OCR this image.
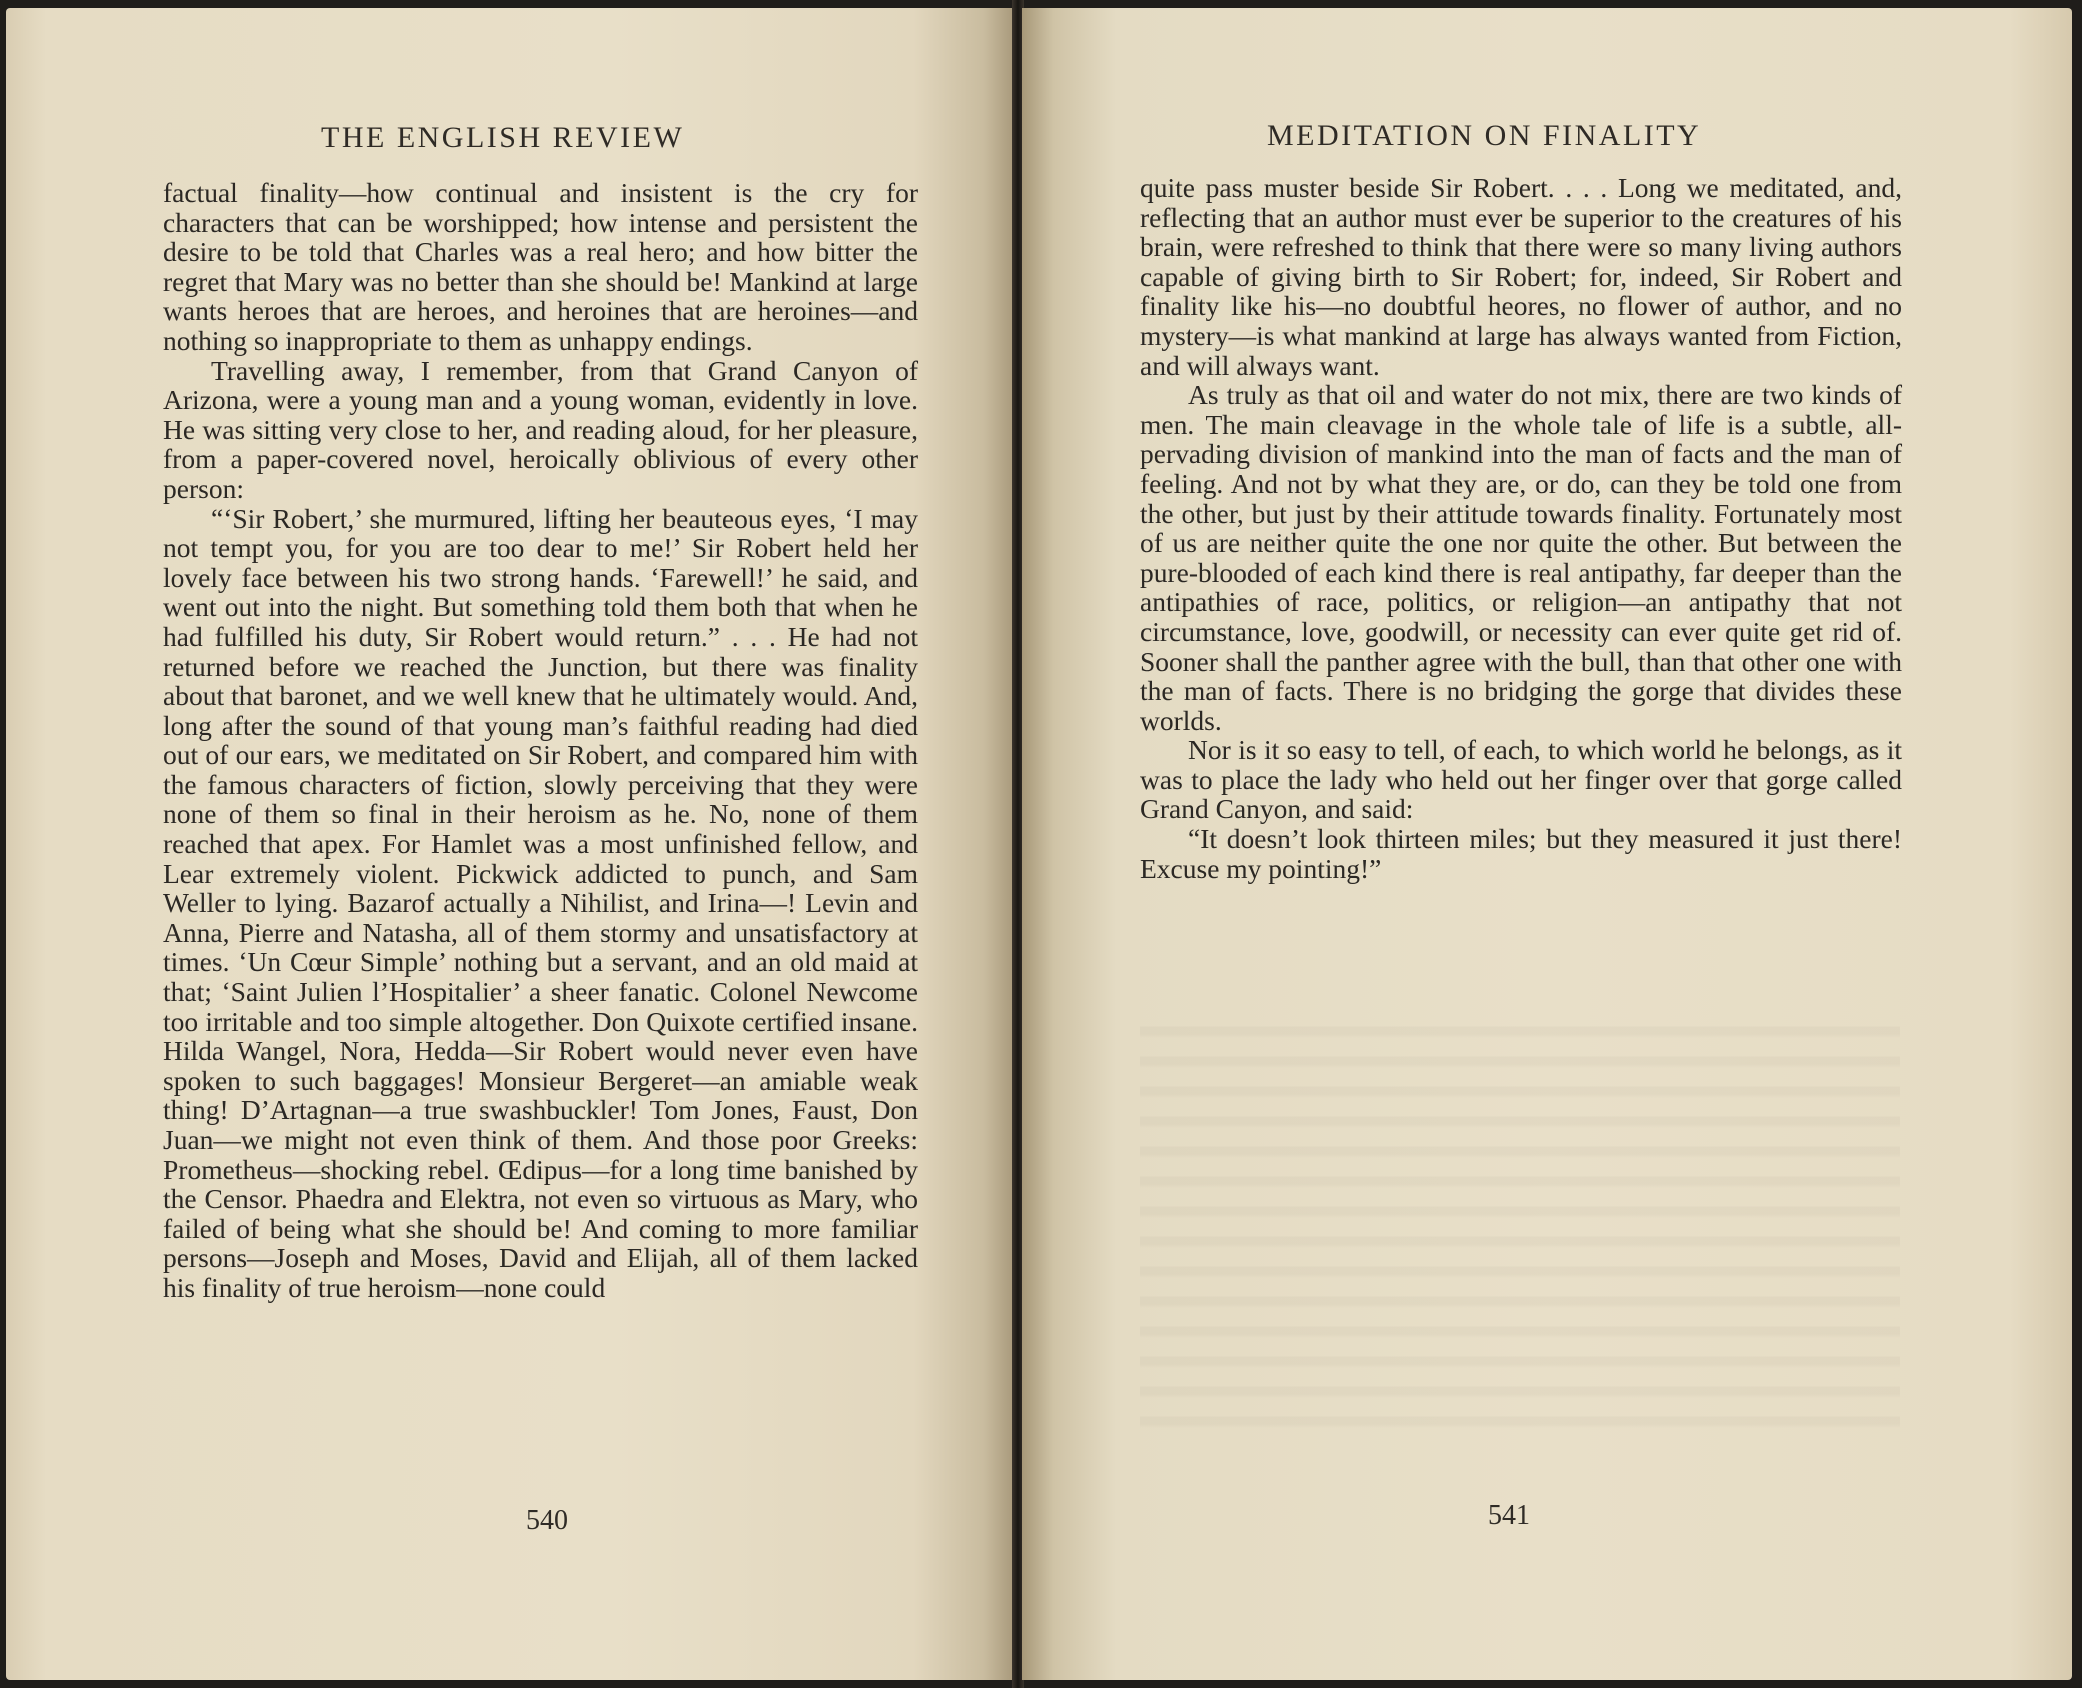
THE ENGLISH REVIEW

factual finality—how continual and insistent is the cry for characters that can be worshipped; how intense and persistent the desire to be told that Charles was a real hero; and how bitter the regret that Mary was no better than she should be! Mankind at large wants heroes that are heroes, and heroines that are heroines—and nothing so inappropriate to them as unhappy endings.

Travelling away, I remember, from that Grand Canyon of Arizona, were a young man and a young woman, evidently in love. He was sitting very close to her, and reading aloud, for her pleasure, from a paper-covered novel, heroically oblivious of every other person:

“‘Sir Robert,’ she murmured, lifting her beauteous eyes, ‘I may not tempt you, for you are too dear to me!’ Sir Robert held her lovely face between his two strong hands. ‘Farewell!’ he said, and went out into the night. But something told them both that when he had fulfilled his duty, Sir Robert would return.” . . . He had not returned before we reached the Junction, but there was finality about that baronet, and we well knew that he ultimately would. And, long after the sound of that young man’s faithful reading had died out of our ears, we meditated on Sir Robert, and compared him with the famous characters of fiction, slowly perceiving that they were none of them so final in their heroism as he. No, none of them reached that apex. For Hamlet was a most unfinished fellow, and Lear extremely violent. Pickwick addicted to punch, and Sam Weller to lying. Bazarof actually a Nihilist, and Irina—! Levin and Anna, Pierre and Natasha, all of them stormy and unsatisfactory at times. ‘Un Cœur Simple’ nothing but a servant, and an old maid at that; ‘Saint Julien l’Hospitalier’ a sheer fanatic. Colonel Newcome too irritable and too simple altogether. Don Quixote certified insane. Hilda Wangel, Nora, Hedda—Sir Robert would never even have spoken to such baggages! Monsieur Bergeret—an amiable weak thing! D’Artagnan—a true swashbuckler! Tom Jones, Faust, Don Juan—we might not even think of them. And those poor Greeks: Prometheus—shocking rebel. Œdipus—for a long time banished by the Censor. Phaedra and Elektra, not even so virtuous as Mary, who failed of being what she should be! And coming to more familiar persons—Joseph and Moses, David and Elijah, all of them lacked his finality of true heroism—none could

540
MEDITATION ON FINALITY

quite pass muster beside Sir Robert. . . . Long we meditated, and, reflecting that an author must ever be superior to the creatures of his brain, were refreshed to think that there were so many living authors capable of giving birth to Sir Robert; for, indeed, Sir Robert and finality like his—no doubtful heores, no flower of author, and no mystery—is what mankind at large has always wanted from Fiction, and will always want.

As truly as that oil and water do not mix, there are two kinds of men. The main cleavage in the whole tale of life is a subtle, all-pervading division of mankind into the man of facts and the man of feeling. And not by what they are, or do, can they be told one from the other, but just by their attitude towards finality. Fortunately most of us are neither quite the one nor quite the other. But between the pure-blooded of each kind there is real antipathy, far deeper than the antipathies of race, politics, or religion—an antipathy that not circumstance, love, goodwill, or necessity can ever quite get rid of. Sooner shall the panther agree with the bull, than that other one with the man of facts. There is no bridging the gorge that divides these worlds.

Nor is it so easy to tell, of each, to which world he belongs, as it was to place the lady who held out her finger over that gorge called Grand Canyon, and said:

“It doesn’t look thirteen miles; but they measured it just there! Excuse my pointing!”

541
